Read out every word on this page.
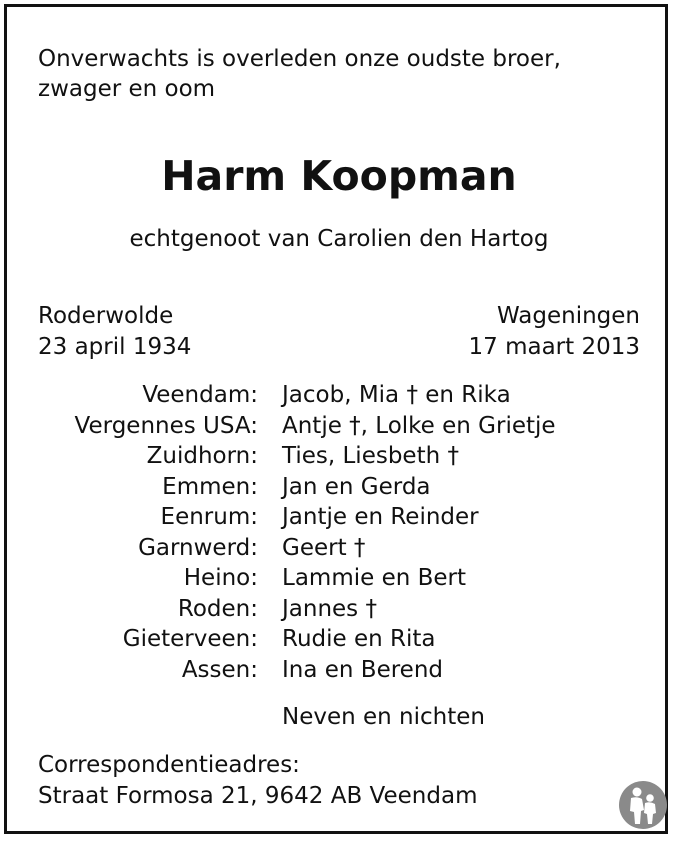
Onverwachts is overleden onze oudste broer,
zwager en oom
Harm Koopman
echtgenoot van Carolien den Hartog
Roderwolde
23 april 1934
Wageningen
17 maart 2013
Veendam: Jacob, Mia † en Rika
Vergennes USA: Antje †, Lolke en Grietje
Zuidhorn: Ties, Liesbeth †
Emmen: Jan en Gerda
Eenrum: Jantje en Reinder
Garnwerd: Geert †
Heino: Lammie en Bert
Roden: Jannes †
Gieterveen: Rudie en Rita
Assen: Ina en Berend
Neven en nichten
Correspondentieadres:
Straat Formosa 21, 9642 AB Veendam
